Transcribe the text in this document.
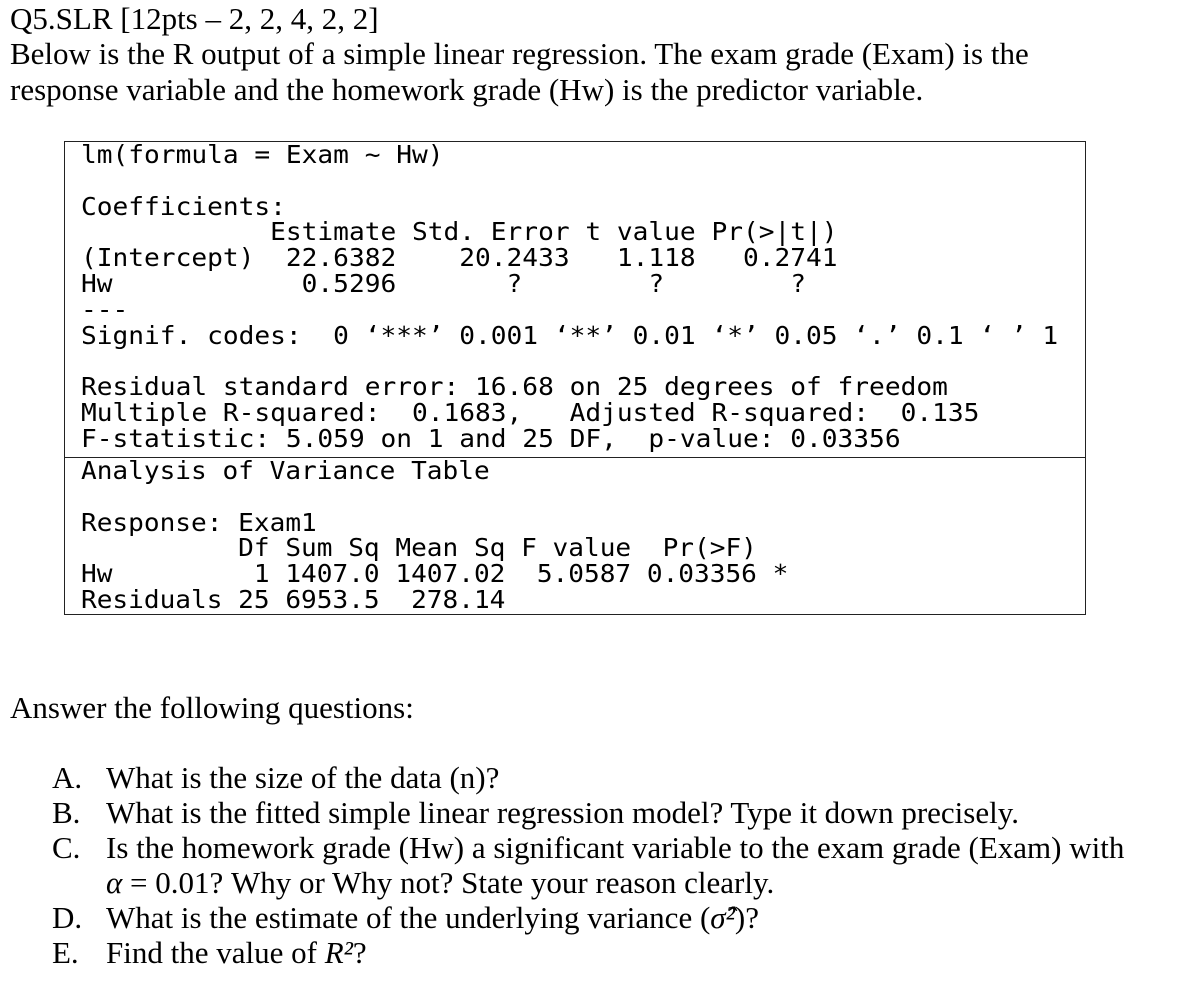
Q5.SLR [12pts – 2, 2, 4, 2, 2]
Below is the R output of a simple linear regression. The exam grade (Exam) is the
response variable and the homework grade (Hw) is the predictor variable.
lm(formula = Exam ~ Hw)

Coefficients:
Estimate Std. Error t value Pr(>|t|)
(Intercept)  22.6382    20.2433   1.118   0.2741
Hw            0.5296       ?        ?        ?
---
Signif. codes:  0 ‘***’ 0.001 ‘**’ 0.01 ‘*’ 0.05 ‘.’ 0.1 ‘ ’ 1

Residual standard error: 16.68 on 25 degrees of freedom
Multiple R-squared:  0.1683,   Adjusted R-squared:  0.135
F-statistic: 5.059 on 1 and 25 DF,  p-value: 0.03356
Analysis of Variance Table

Response: Exam1
Df Sum Sq Mean Sq F value  Pr(>F)
Hw         1 1407.0 1407.02  5.0587 0.03356 *
Residuals 25 6953.5  278.14
Answer the following questions:
A. What is the size of the data (n)?
B. What is the fitted simple linear regression model? Type it down precisely.
C. Is the homework grade (Hw) a significant variable to the exam grade (Exam) with
α = 0.01? Why or Why not? State your reason clearly.
D. What is the estimate of the underlying variance (σ̂²)?
E. Find the value of R²?
